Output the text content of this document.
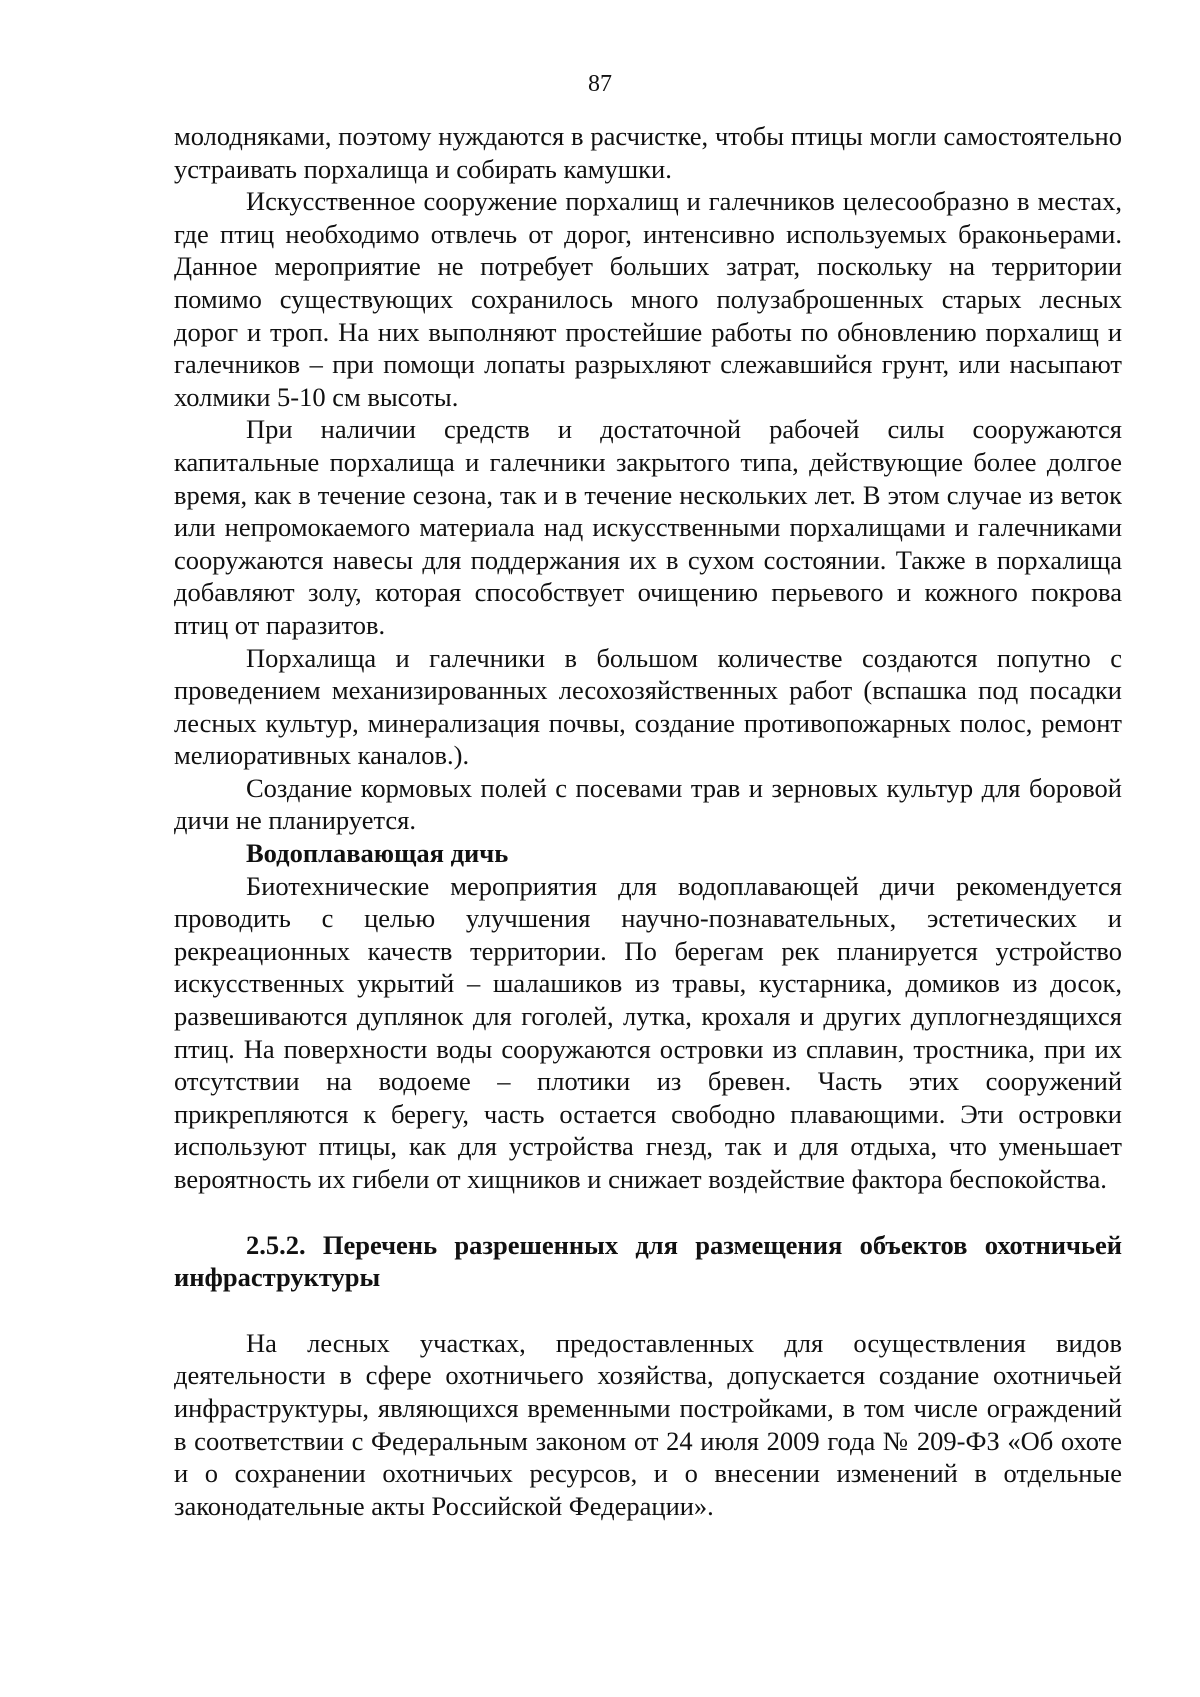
87

молоднякaми, поэтому нуждаются в расчистке, чтобы птицы могли самостоятельно устраивать порхалища и собирать камушки.

Искусственное сооружение порхалищ и галечников целесообразно в местах, где птиц необходимо отвлечь от дорог, интенсивно используемых браконьерами. Данное мероприятие не потребует больших затрат, поскольку на территории помимо существующих сохранилось много полузаброшенных старых лесных дорог и троп. На них выполняют простейшие работы по обновлению порхалищ и галечников – при помощи лопаты разрыхляют слежавшийся грунт, или насыпают холмики 5-10 см высоты.

При наличии средств и достаточной рабочей силы сооружаются капитальные порхалища и галечники закрытого типа, действующие более долгое время, как в течение сезона, так и в течение нескольких лет. В этом случае из веток или непромокаемого материала над искусственными порхалищами и галечниками сооружаются навесы для поддержания их в сухом состоянии. Также в порхалища добавляют золу, которая способствует очищению перьевого и кожного покрова птиц от паразитов.

Порхалища и галечники в большом количестве создаются попутно с проведением механизированных лесохозяйственных работ (вспашка под посадки лесных культур, минерализация почвы, создание противопожарных полос, ремонт мелиоративных каналов.).

Создание кормовых полей с посевами трав и зерновых культур для боровой дичи не планируется.

Водоплавающая дичь

Биотехнические мероприятия для водоплавающей дичи рекомендуется проводить с целью улучшения научно-познавательных, эстетических и рекреационных качеств территории. По берегам рек планируется устройство искусственных укрытий – шалашиков из травы, кустарника, домиков из досок, развешиваются дуплянок для гоголей, лутка, крохаля и других дуплогнездящихся птиц. На поверхности воды сооружаются островки из сплавин, тростника, при их отсутствии на водоеме – плотики из бревен. Часть этих сооружений прикрепляются к берегу, часть остается свободно плавающими. Эти островки используют птицы, как для устройства гнезд, так и для отдыха, что уменьшает вероятность их гибели от хищников и снижает воздействие фактора беспокойства.

2.5.2. Перечень разрешенных для размещения объектов охотничьей инфраструктуры

На лесных участках, предоставленных для осуществления видов деятельности в сфере охотничьего хозяйства, допускается создание охотничьей инфраструктуры, являющихся временными постройками, в том числе ограждений в соответствии с Федеральным законом от 24 июля 2009 года № 209-ФЗ «Об охоте и о сохранении охотничьих ресурсов, и о внесении изменений в отдельные законодательные акты Российской Федерации».
